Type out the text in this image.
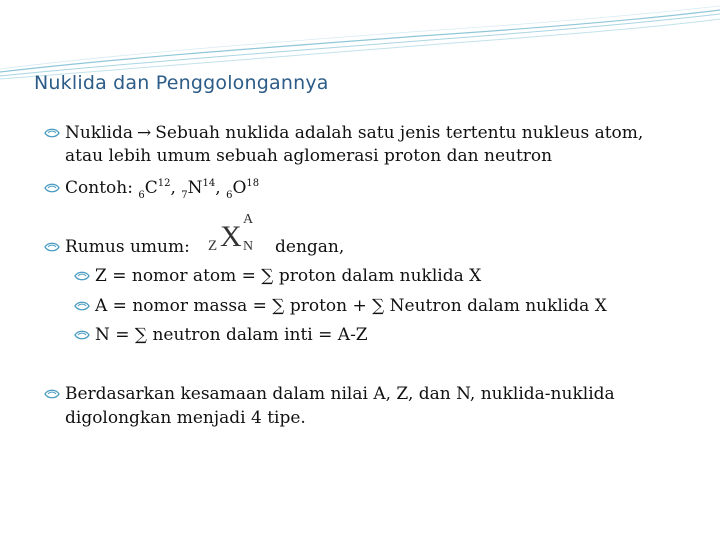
Nuklida dan Penggolongannya
Nuklida → Sebuah nuklida adalah satu jenis tertentu nukleus atom,
atau lebih umum sebuah aglomerasi proton dan neutron
Contoh: $_6C^{12}$, $_7N^{14}$, $_6O^{18}$
Rumus umum: Z X
A
N dengan,
Z = nomor atom = ∑ proton dalam nuklida X
A = nomor massa = ∑ proton + ∑ Neutron dalam nuklida X
N = ∑ neutron dalam inti = A-Z
Berdasarkan kesamaan dalam nilai A, Z, dan N, nuklida-nuklida
digolongkan menjadi 4 tipe.
